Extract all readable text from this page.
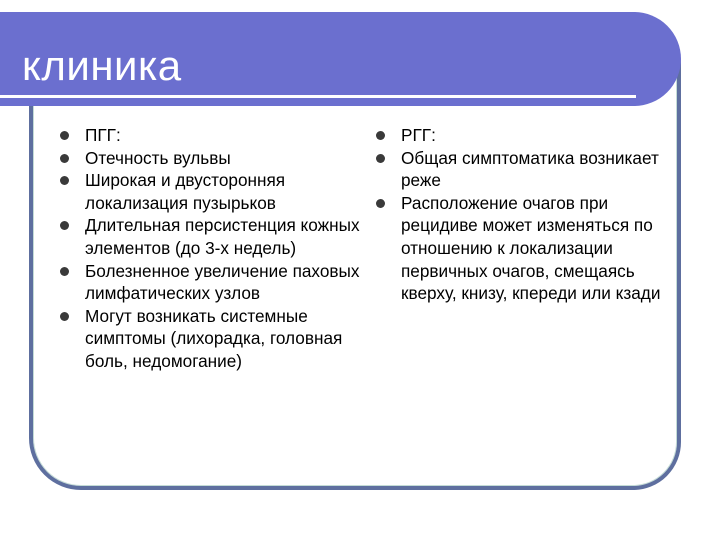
клиника
ПГГ:
Отечность вульвы
Широкая и двусторонняя локализация пузырьков
Длительная персистенция кожных элементов (до 3-х недель)
Болезненное увеличение паховых лимфатических узлов
Могут возникать системные симптомы (лихорадка, головная боль, недомогание)
РГГ:
Общая симптоматика возникает реже
Расположение очагов при рецидиве может изменяться по отношению к локализации первичных очагов, смещаясь кверху, книзу, кпереди или кзади
